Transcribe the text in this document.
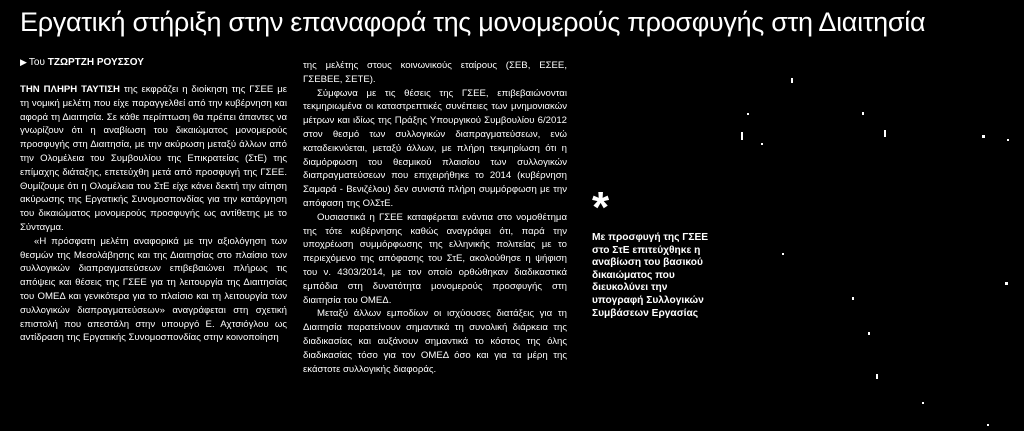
Εργατική στήριξη στην επαναφορά της μονομερούς προσφυγής στη Διαιτησία
▶ Του ΤΖΩΡΤΖΗ ΡΟΥΣΣΟΥ

ΤΗΝ ΠΛΗΡΗ ΤΑΥΤΙΣΗ της εκφράζει η διοίκηση της ΓΣΕΕ με τη νομική μελέτη που είχε παραγγελθεί από την κυβέρνηση και αφορά τη Διαιτησία. Σε κάθε περίπτωση θα πρέπει άπαντες να γνωρίζουν ότι η αναβίωση του δικαιώματος μονομερούς προσφυγής στη Διαιτησία, με την ακύρωση μεταξύ άλλων από την Ολομέλεια του Συμβουλίου της Επικρατείας (ΣτΕ) της επίμαχης διάταξης, επετεύχθη μετά από προσφυγή της ΓΣΕΕ. Θυμίζουμε ότι η Ολομέλεια του ΣτΕ είχε κάνει δεκτή την αίτηση ακύρωσης της Εργατικής Συνομοσπονδίας για την κατάργηση του δικαιώματος μονομερούς προσφυγής ως αντίθετης με το Σύνταγμα.

«Η πρόσφατη μελέτη αναφορικά με την αξιολόγηση των θεσμών της Μεσολάβησης και της Διαιτησίας στο πλαίσιο των συλλογικών διαπραγματεύσεων επιβεβαιώνει πλήρως τις απόψεις και θέσεις της ΓΣΕΕ για τη λειτουργία της Διαιτησίας του ΟΜΕΔ και γενικότερα για το πλαίσιο και τη λειτουργία των συλλογικών διαπραγματεύσεων» αναγράφεται στη σχετική επιστολή που απεστάλη στην υπουργό Ε. Αχτσιόγλου ως αντίδραση της Εργατικής Συνομοσπονδίας στην κοινοποίηση

της μελέτης στους κοινωνικούς εταίρους (ΣΕΒ, ΕΣΕΕ, ΓΣΕΒΕΕ, ΣΕΤΕ).

Σύμφωνα με τις θέσεις της ΓΣΕΕ, επιβεβαιώνονται τεκμηριωμένα οι καταστρεπτικές συνέπειες των μνημονιακών μέτρων και ιδίως της Πράξης Υπουργικού Συμβουλίου 6/2012 στον θεσμό των συλλογικών διαπραγματεύσεων, ενώ καταδεικνύεται, μεταξύ άλλων, με πλήρη τεκμηρίωση ότι η διαμόρφωση του θεσμικού πλαισίου των συλλογικών διαπραγματεύσεων που επιχειρήθηκε το 2014 (κυβέρνηση Σαμαρά - Βενιζέλου) δεν συνιστά πλήρη συμμόρφωση με την απόφαση της ΟλΣτΕ.

Ουσιαστικά η ΓΣΕΕ καταφέρεται ενάντια στο νομοθέτημα της τότε κυβέρνησης καθώς αναγράφει ότι, παρά την υποχρέωση συμμόρφωσης της ελληνικής πολιτείας με το περιεχόμενο της απόφασης του ΣτΕ, ακολούθησε η ψήφιση του ν. 4303/2014, με τον οποίο ορθώθηκαν διαδικαστικά εμπόδια στη δυνατότητα μονομερούς προσφυγής στη διαιτησία του ΟΜΕΔ.

Μεταξύ άλλων εμποδίων οι ισχύουσες διατάξεις για τη Διαιτησία παρατείνουν σημαντικά τη συνολική διάρκεια της διαδικασίας και αυξάνουν σημαντικά το κόστος της όλης διαδικασίας τόσο για τον ΟΜΕΔ όσο και για τα μέρη της εκάστοτε συλλογικής διαφοράς.

*
Με προσφυγή της ΓΣΕΕ στο ΣτΕ επιτεύχθηκε η αναβίωση του βασικού δικαιώματος που διευκολύνει την υπογραφή Συλλογικών Συμβάσεων Εργασίας
